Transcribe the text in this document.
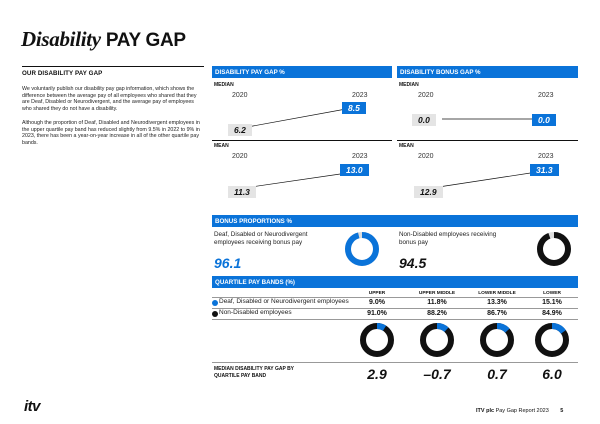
Disability PAY GAP
OUR DISABILITY PAY GAP
We voluntarily publish our disability pay gap information, which shows the difference between the average pay of all employees who shared that they are Deaf, Disabled or Neurodivergent, and the average pay of employees who shared they do not have a disability.
Although the proportion of Deaf, Disabled and Neurodivergent employees in the upper quartile pay band has reduced slightly from 9.5% in 2022 to 9% in 2023, there has been a year-on-year increase in all of the other quartile pay bands.
DISABILITY PAY GAP %
MEDIAN
2020	2023
8.5
6.2
MEAN
2020	2023
13.0
11.3
DISABILITY BONUS GAP %
MEDIAN
2020	2023
0.0	0.0
MEAN
2020	2023
31.3
12.9
BONUS PROPORTIONS %
Deaf, Disabled or Neurodivergent employees receiving bonus pay
96.1
Non-Disabled employees receiving bonus pay
94.5
QUARTILE PAY BANDS (%)
UPPER	UPPER MIDDLE	LOWER MIDDLE	LOWER
Deaf, Disabled or Neurodivergent employees	9.0%	11.8%	13.3%	15.1%
Non-Disabled employees	91.0%	88.2%	86.7%	84.9%
MEDIAN DISABILITY PAY GAP BY QUARTILE PAY BAND	2.9	–0.7	0.7	6.0
itv	ITV plc Pay Gap Report 2023 5
